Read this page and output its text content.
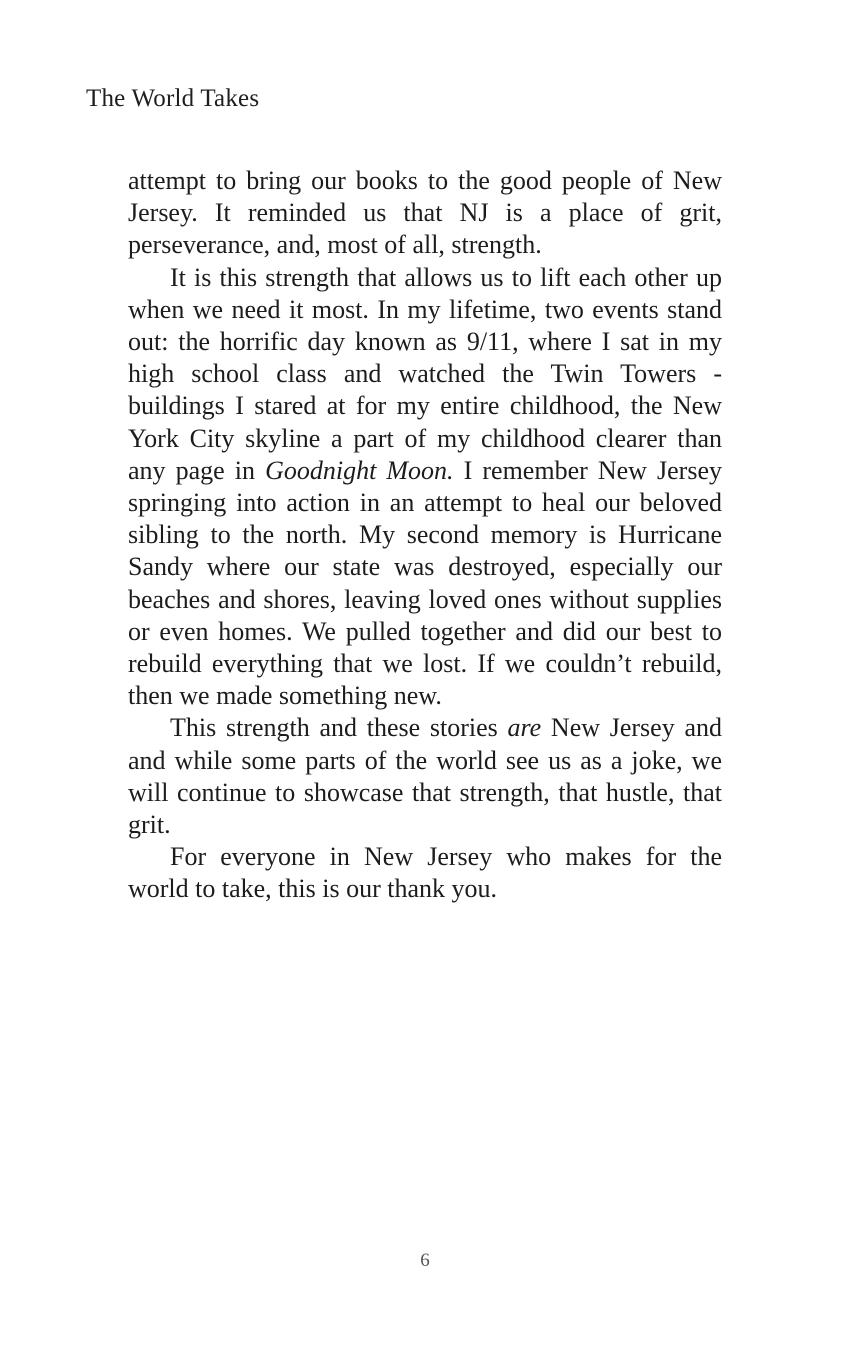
The World Takes

attempt to bring our books to the good people of New Jersey. It reminded us that NJ is a place of grit, perseverance, and, most of all, strength.

It is this strength that allows us to lift each other up when we need it most. In my lifetime, two events stand out: the horrific day known as 9/11, where I sat in my high school class and watched the Twin Towers - buildings I stared at for my entire childhood, the New York City skyline a part of my childhood clearer than any page in Goodnight Moon. I remember New Jersey springing into action in an attempt to heal our beloved sibling to the north. My second memory is Hurricane Sandy where our state was destroyed, especially our beaches and shores, leaving loved ones without supplies or even homes. We pulled together and did our best to rebuild everything that we lost. If we couldn’t rebuild, then we made something new.

This strength and these stories are New Jersey and and while some parts of the world see us as a joke, we will continue to showcase that strength, that hustle, that grit.

For everyone in New Jersey who makes for the world to take, this is our thank you.

6
